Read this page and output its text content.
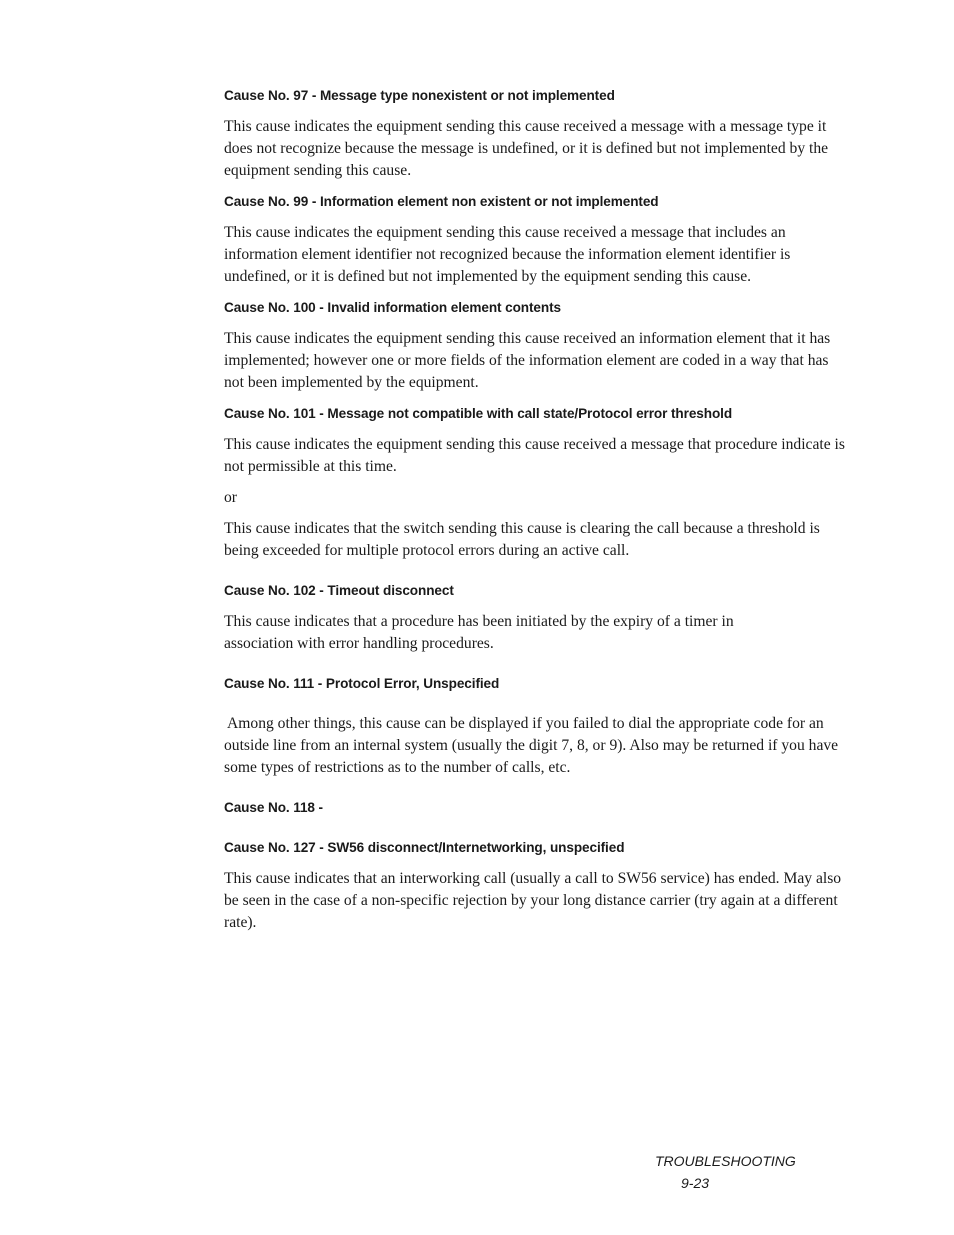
Cause No. 97 - Message type nonexistent or not implemented

This cause indicates the equipment sending this cause received a message with a message type it does not recognize because the message is undefined, or it is defined but not implemented by the equipment sending this cause.

Cause No. 99 - Information element non existent or not implemented

This cause indicates the equipment sending this cause received a message that includes an information element identifier not recognized because the information element identifier is undefined, or it is defined but not implemented by the equipment sending this cause.

Cause No. 100 - Invalid information element contents

This cause indicates the equipment sending this cause received an information element that it has implemented; however one or more fields of the information element are coded in a way that has not been implemented by the equipment.

Cause No. 101 - Message not compatible with call state/Protocol error threshold

This cause indicates the equipment sending this cause received a message that procedure indicate is not permissible at this time.

or

This cause indicates that the switch sending this cause is clearing the call because a threshold is being exceeded for multiple protocol errors during an active call.

Cause No. 102 - Timeout disconnect

This cause indicates that a procedure has been initiated by the expiry of a timer in association with error handling procedures.

Cause No. 111 - Protocol Error, Unspecified

Among other things, this cause can be displayed if you failed to dial the appropriate code for an outside line from an internal system (usually the digit 7, 8, or 9). Also may be returned if you have some types of restrictions as to the number of calls, etc.

Cause No. 118 -

Cause No. 127 - SW56 disconnect/Internetworking, unspecified

This cause indicates that an interworking call (usually a call to SW56 service) has ended. May also be seen in the case of a non-specific rejection by your long distance carrier (try again at a different rate).

TROUBLESHOOTING 9-23
